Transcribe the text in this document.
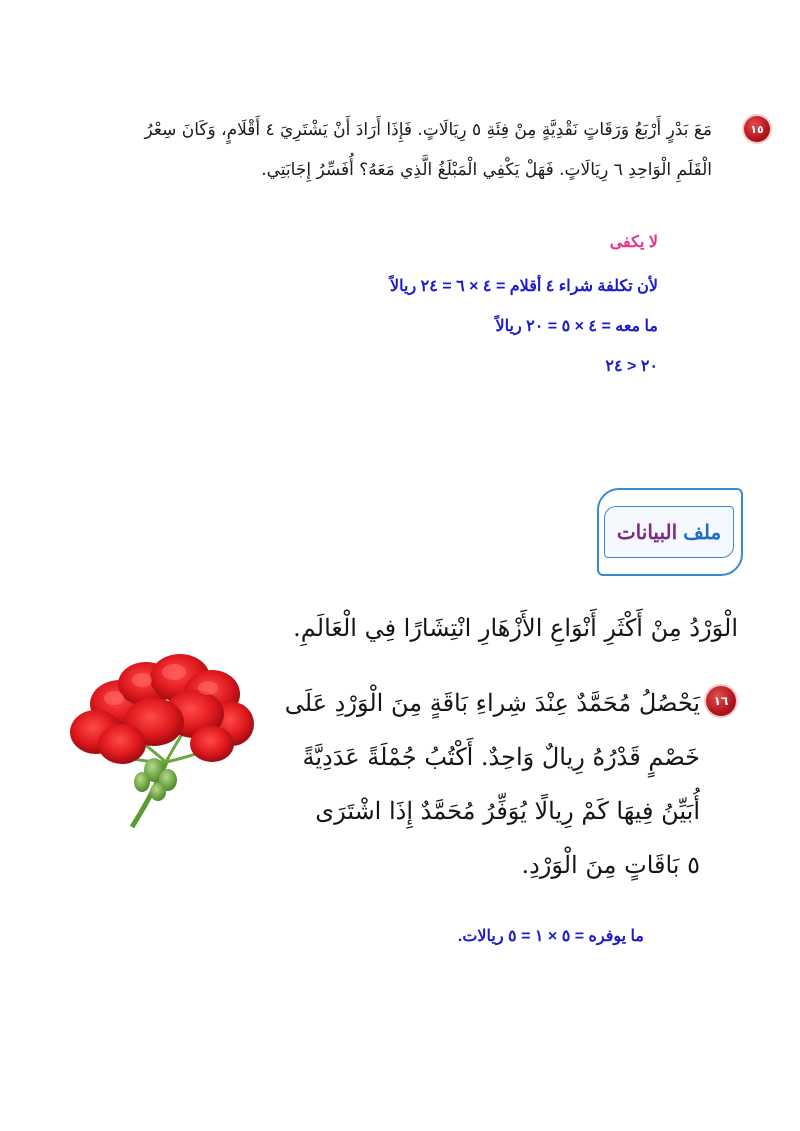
١٥
مَعَ بَدْرٍ أَرْبَعُ وَرَقَاتٍ نَقْدِيَّةٍ مِنْ فِئَةِ ٥ رِيَالَاتٍ. فَإِذَا أَرَادَ أَنْ يَشْتَرِيَ ٤ أَقْلَامٍ، وَكَانَ سِعْرُ
الْقَلَمِ الْوَاحِدِ ٦ رِيَالَاتٍ. فَهَلْ يَكْفِي الْمَبْلَغُ الَّذِي مَعَهُ؟ أُفَسِّرُ إِجَابَتِي.
لا يكفى
لأن تكلفة شراء ٤ أقلام = ٤ × ٦ = ٢٤ ريالاً
ما معه = ٤ × ٥ = ٢٠ ريالاً
٢٠ < ٢٤
ملف
البيانات
الْوَرْدُ مِنْ أَكْثَرِ أَنْوَاعِ الأَزْهَارِ انْتِشَارًا فِي الْعَالَمِ.
١٦
يَحْصُلُ مُحَمَّدٌ عِنْدَ شِراءِ بَاقَةٍ مِنَ الْوَرْدِ عَلَى
خَصْمٍ قَدْرُهُ رِيالٌ وَاحِدٌ. أَكْتُبُ جُمْلَةً عَدَدِيَّةً
أُبَيِّنُ فِيهَا كَمْ رِيالًا يُوَفِّرُ مُحَمَّدٌ إِذَا اشْتَرَى
٥ بَاقَاتٍ مِنَ الْوَرْدِ.
ما يوفره = ٥ × ١ = ٥ ريالات.
